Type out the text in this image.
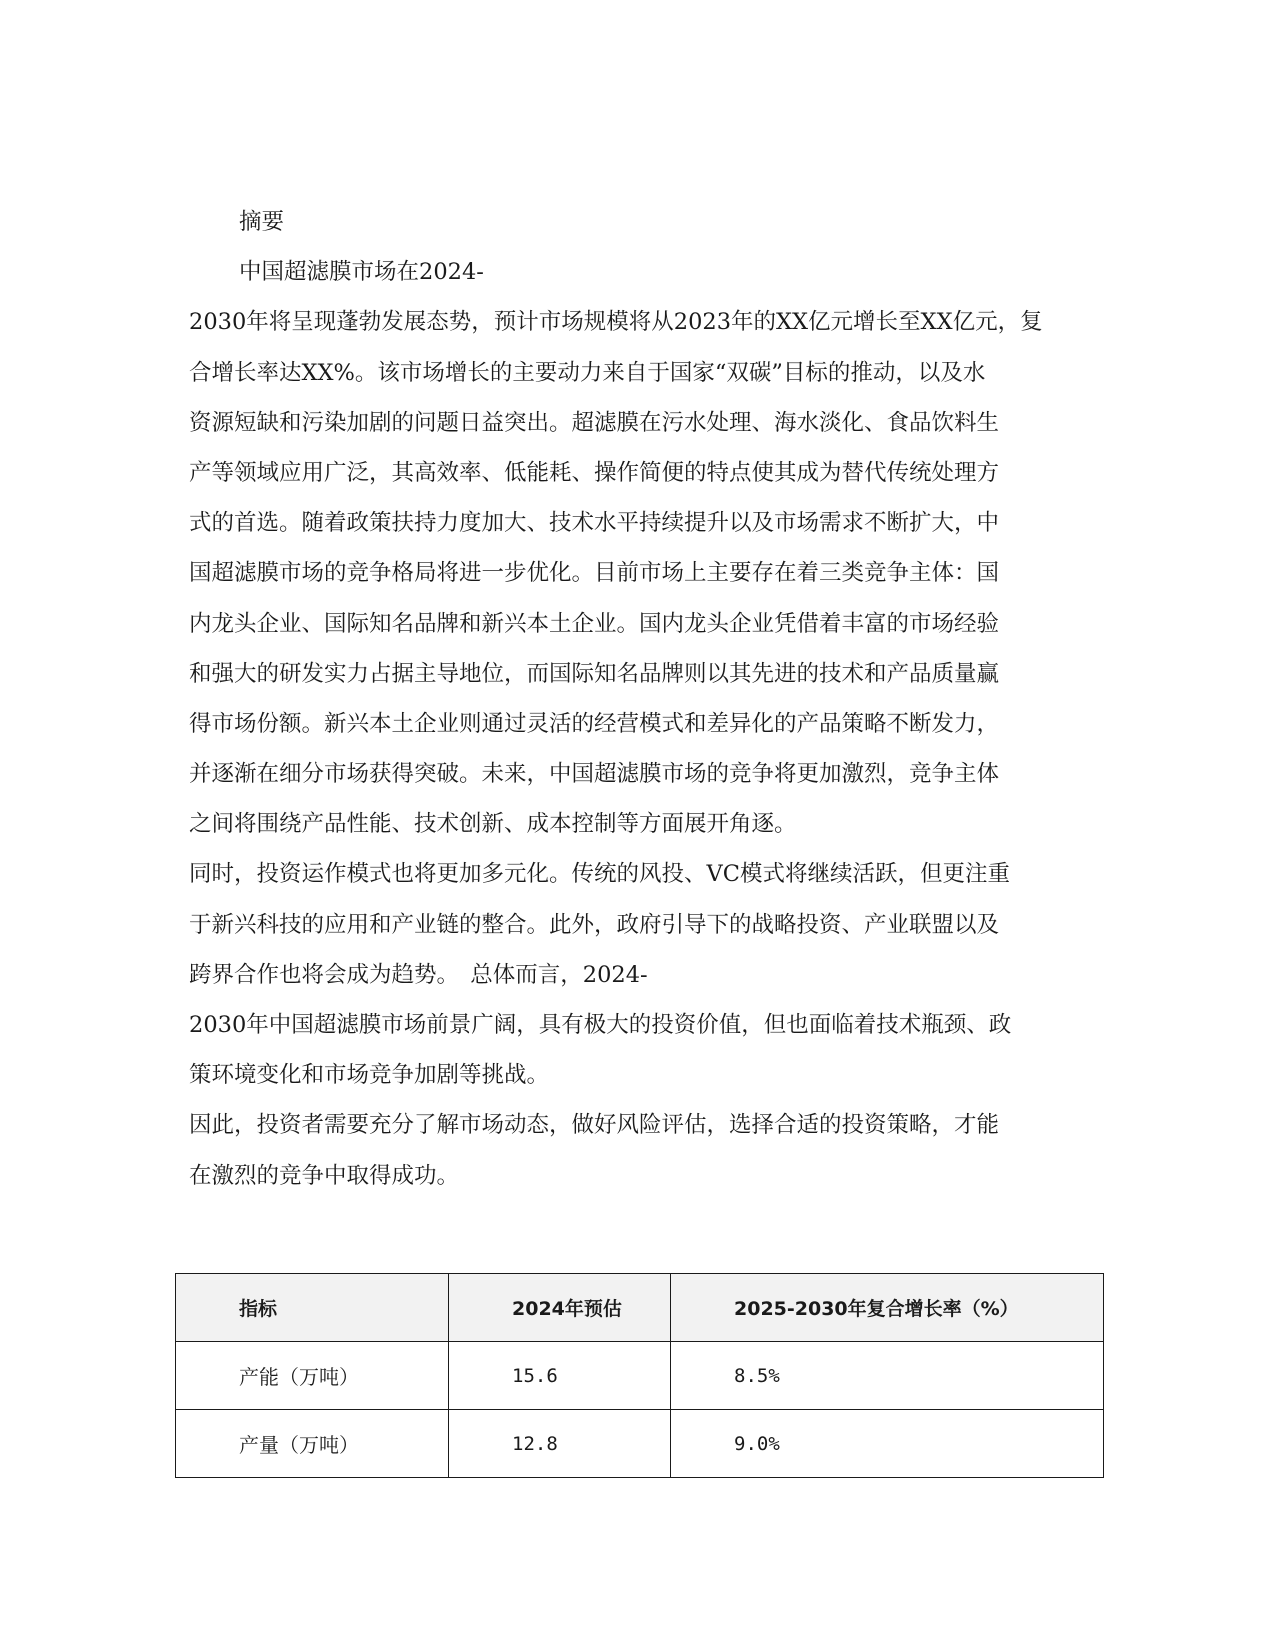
摘要
中国超滤膜市场在2024-
2030年将呈现蓬勃发展态势，预计市场规模将从2023年的XX亿元增长至XX亿元，复
合增长率达XX%。该市场增长的主要动力来自于国家“双碳”目标的推动，以及水
资源短缺和污染加剧的问题日益突出。超滤膜在污水处理、海水淡化、食品饮料生
产等领域应用广泛，其高效率、低能耗、操作简便的特点使其成为替代传统处理方
式的首选。随着政策扶持力度加大、技术水平持续提升以及市场需求不断扩大，中
国超滤膜市场的竞争格局将进一步优化。目前市场上主要存在着三类竞争主体：国
内龙头企业、国际知名品牌和新兴本土企业。国内龙头企业凭借着丰富的市场经验
和强大的研发实力占据主导地位，而国际知名品牌则以其先进的技术和产品质量赢
得市场份额。新兴本土企业则通过灵活的经营模式和差异化的产品策略不断发力，
并逐渐在细分市场获得突破。未来，中国超滤膜市场的竞争将更加激烈，竞争主体
之间将围绕产品性能、技术创新、成本控制等方面展开角逐。
同时，投资运作模式也将更加多元化。传统的风投、VC模式将继续活跃，但更注重
于新兴科技的应用和产业链的整合。此外，政府引导下的战略投资、产业联盟以及
跨界合作也将会成为趋势。　总体而言，2024-
2030年中国超滤膜市场前景广阔，具有极大的投资价值，但也面临着技术瓶颈、政
策环境变化和市场竞争加剧等挑战。
因此，投资者需要充分了解市场动态，做好风险评估，选择合适的投资策略，才能
在激烈的竞争中取得成功。
指标	2024年预估	2025-2030年复合增长率（%）

产能（万吨）	15.6	8.5%

产量（万吨）	12.8	9.0%
